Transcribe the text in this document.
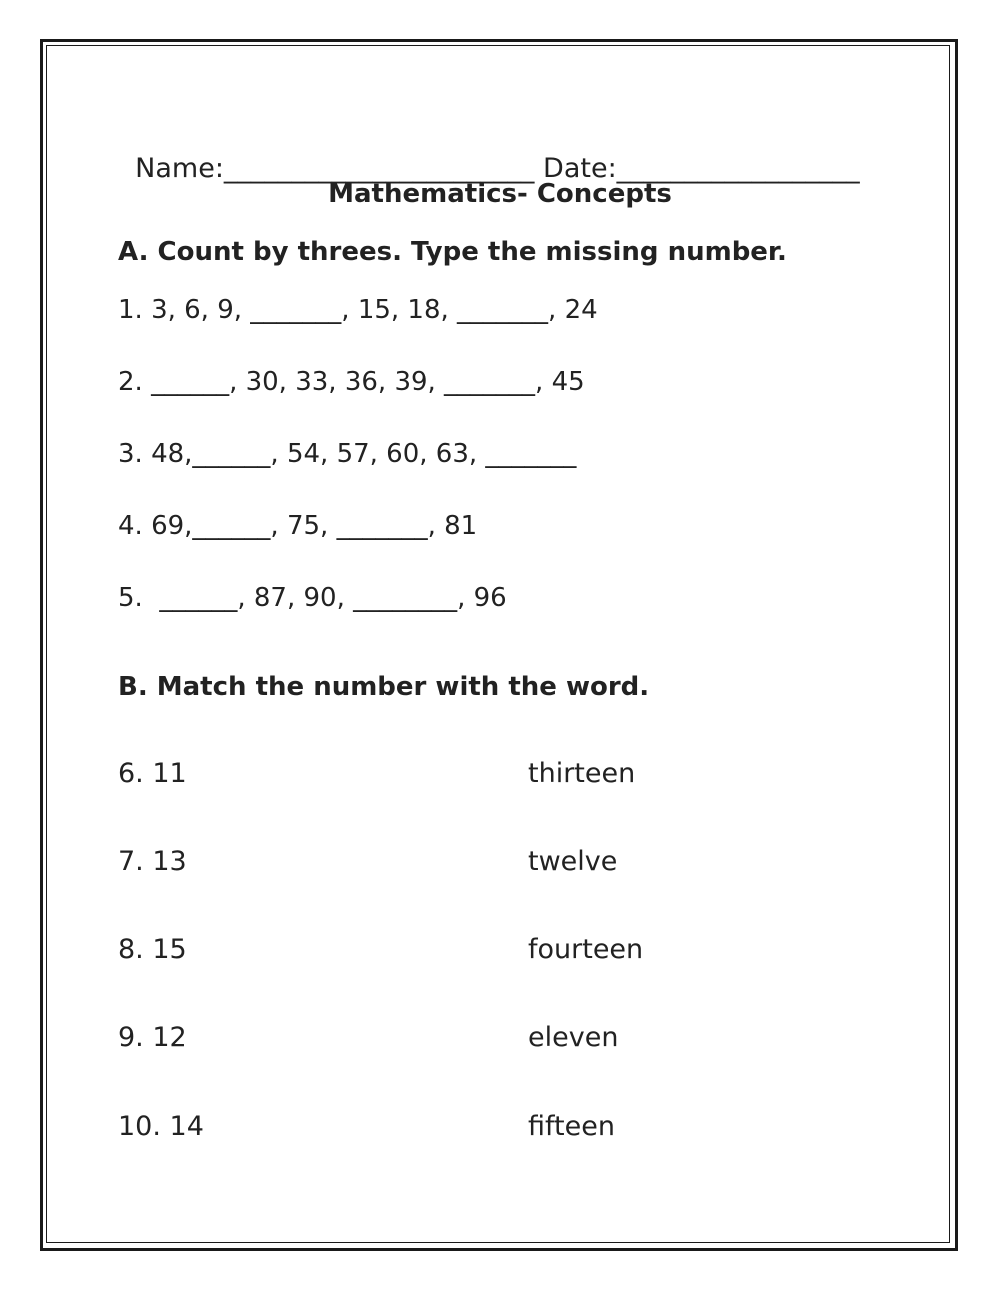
Name:_______________________ Date:__________________

Mathematics- Concepts
A. Count by threes. Type the missing number.
1. 3, 6, 9, _______, 15, 18, _______, 24
2. ______, 30, 33, 36, 39, _______, 45
3. 48,______, 54, 57, 60, 63, _______
4. 69,______, 75, _______, 81
5.  ______, 87, 90, ________, 96
B. Match the number with the word.
6. 11	thirteen
7. 13	twelve
8. 15	fourteen
9. 12	eleven
10. 14	fifteen
